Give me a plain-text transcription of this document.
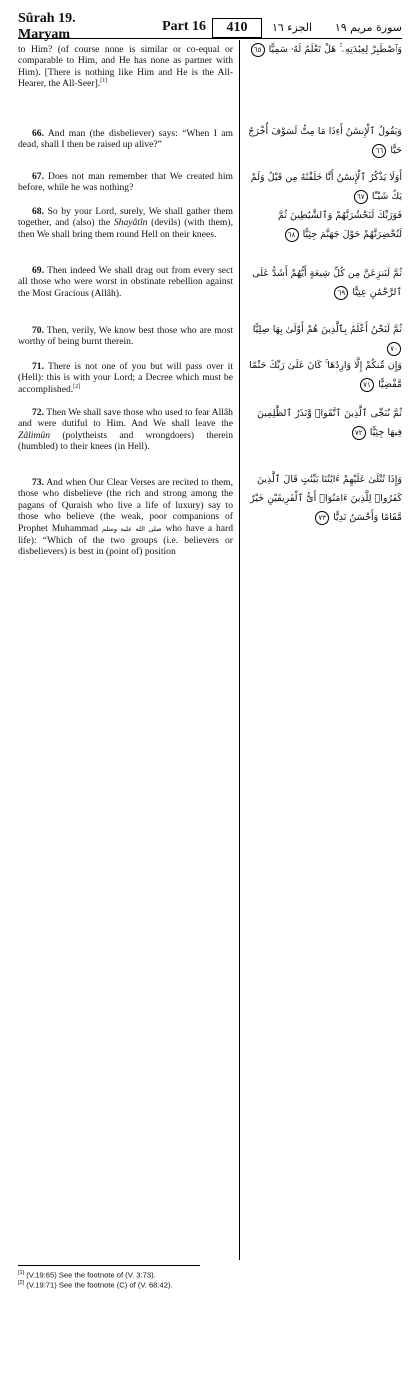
Sûrah 19. Maryam
Part 16	410	الجزء ١٦	سورة مريم ١٩

to Him? (of course none is similar or co-equal or comparable to Him, and He has none as partner with Him). [There is nothing like Him and He is the All-Hearer, the All-Seer].[1]

وَٱصْطَبِرْ لِعِبَٰدَتِهِۦ ۚ هَلْ تَعْلَمُ لَهُۥ سَمِيًّا ٦٥

66. And man (the disbeliever) says: “When I am dead, shall I then be raised up alive?”

وَيَقُولُ ٱلْإِنسَٰنُ أَءِذَا مَا مِتُّ لَسَوْفَ أُخْرَجُ حَيًّا ٦٦

67. Does not man remember that We created him before, while he was nothing?

أَوَلَا يَذْكُرُ ٱلْإِنسَٰنُ أَنَّا خَلَقْنَٰهُ مِن قَبْلُ وَلَمْ يَكُ شَيْـًٔا ٦٧

68. So by your Lord, surely, We shall gather them together, and (also) the Shayâtîn (devils) (with them), then We shall bring them round Hell on their knees.

فَوَرَبِّكَ لَنَحْشُرَنَّهُمْ وَٱلشَّيَٰطِينَ ثُمَّ لَنُحْضِرَنَّهُمْ حَوْلَ جَهَنَّمَ جِثِيًّا ٦٨

69. Then indeed We shall drag out from every sect all those who were worst in obstinate rebellion against the Most Gracious (Allâh).

ثُمَّ لَنَنزِعَنَّ مِن كُلِّ شِيعَةٍ أَيُّهُمْ أَشَدُّ عَلَى ٱلرَّحْمَٰنِ عِتِيًّا ٦٩

70. Then, verily, We know best those who are most worthy of being burnt therein.

ثُمَّ لَنَحْنُ أَعْلَمُ بِٱلَّذِينَ هُمْ أَوْلَىٰ بِهَا صِلِيًّا ٧٠

71. There is not one of you but will pass over it (Hell): this is with your Lord; a Decree which must be accomplished.[2]

وَإِن مِّنكُمْ إِلَّا وَارِدُهَا ۚ كَانَ عَلَىٰ رَبِّكَ حَتْمًا مَّقْضِيًّا ٧١

72. Then We shall save those who used to fear Allâh and were dutiful to Him. And We shall leave the Zâlimûn (polytheists and wrongdoers) therein (humbled) to their knees (in Hell).

ثُمَّ نُنَجِّى ٱلَّذِينَ ٱتَّقَوا۟ وَّنَذَرُ ٱلظَّٰلِمِينَ فِيهَا جِثِيًّا ٧٢

73. And when Our Clear Verses are recited to them, those who disbelieve (the rich and strong among the pagans of Quraish who live a life of luxury) say to those who believe (the weak, poor companions of Prophet Muhammad صلى الله عليه وسلم who have a hard life): “Which of the two groups (i.e. believers or disbelievers) is best in (point of) position

وَإِذَا تُتْلَىٰ عَلَيْهِمْ ءَايَٰتُنَا بَيِّنَٰتٍ قَالَ ٱلَّذِينَ كَفَرُوا۟ لِلَّذِينَ ءَامَنُوٓا۟ أَىُّ ٱلْفَرِيقَيْنِ خَيْرٌ مَّقَامًا وَأَحْسَنُ نَدِيًّا ٧٣

[1] (V.19:65) See the footnote of (V. 3:73).

[2] (V.19:71) See the footnote (C) of (V. 68:42).
